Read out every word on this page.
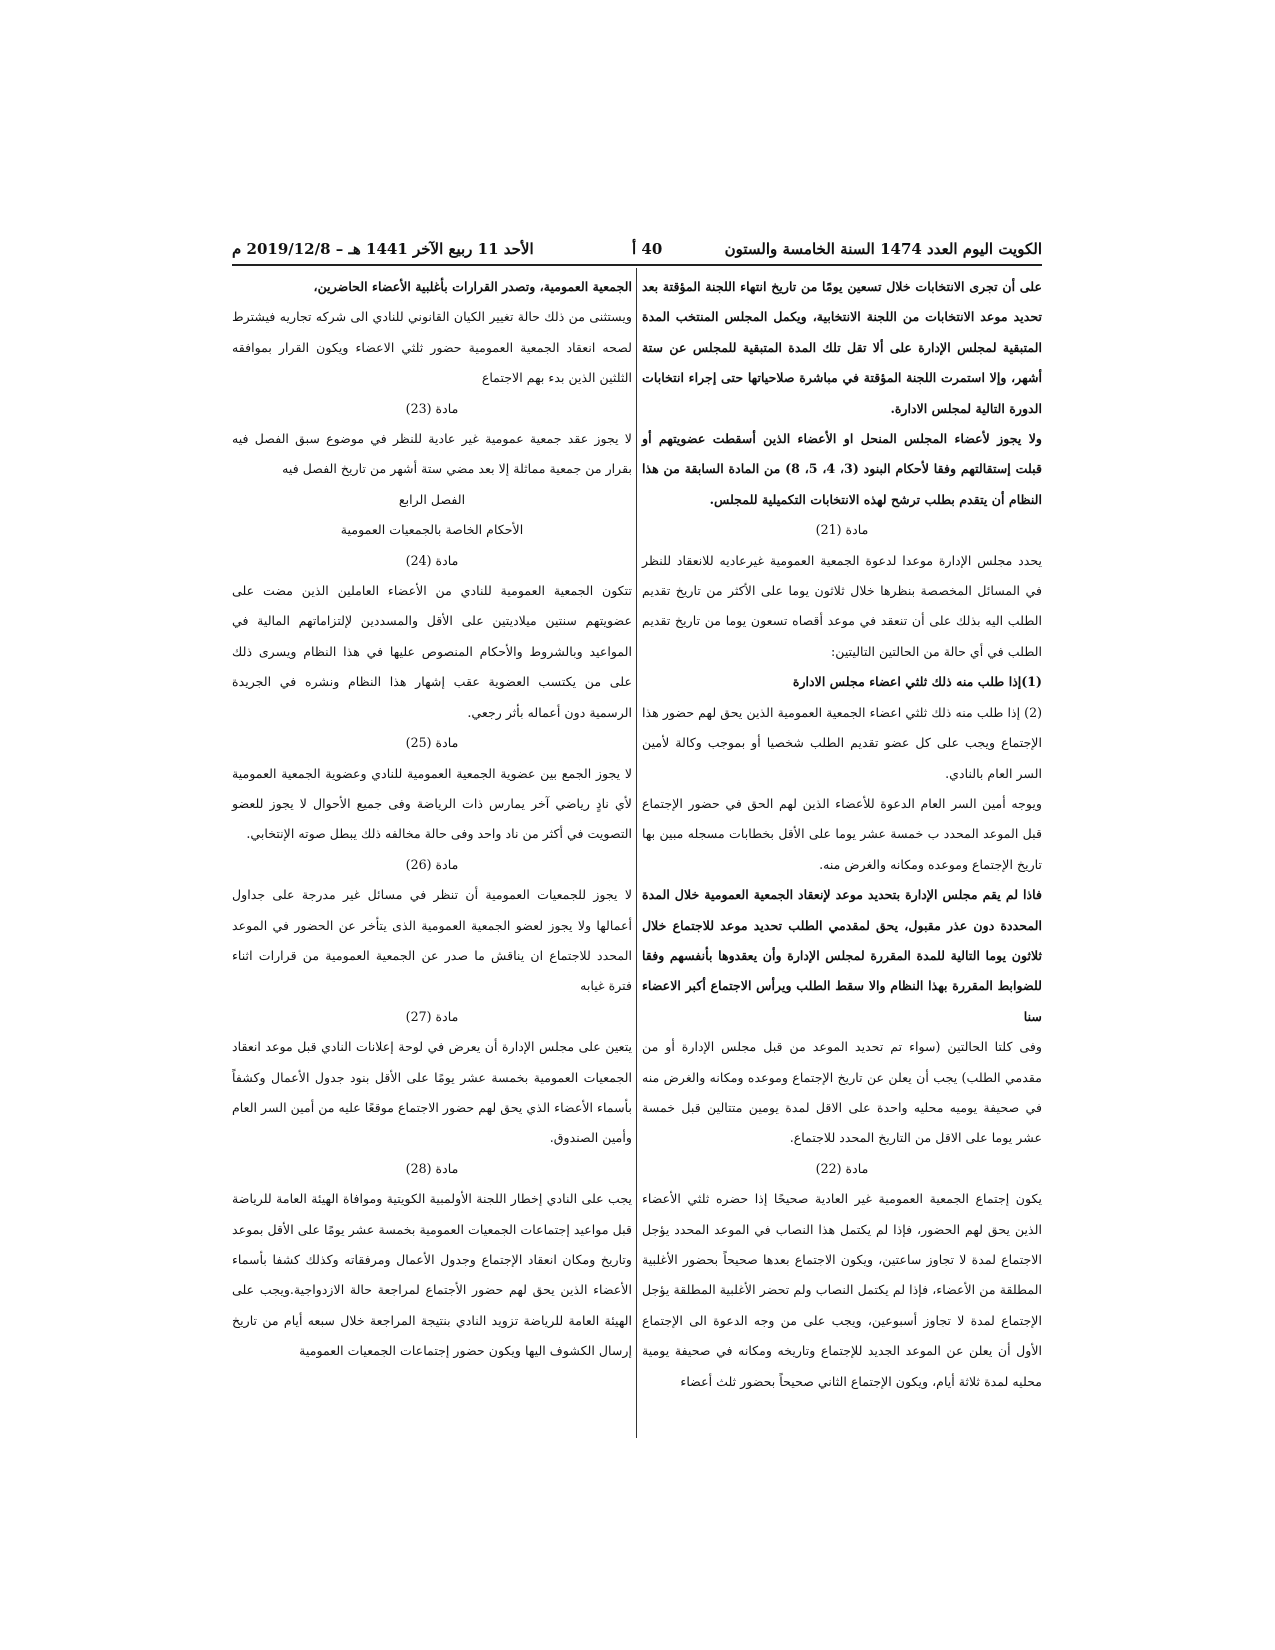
الكويت اليوم العدد 1474 السنة الخامسة والستون
40 أ
الأحد 11 ربيع الآخر 1441 هـ – 2019/12/8 م

على أن تجرى الانتخابات خلال تسعين يومًا من تاريخ انتهاء اللجنة المؤقتة بعد تحديد موعد الانتخابات من اللجنة الانتخابية، ويكمل المجلس المنتخب المدة المتبقية لمجلس الإدارة على ألا تقل تلك المدة المتبقية للمجلس عن ستة أشهر، وإلا استمرت اللجنة المؤقتة في مباشرة صلاحياتها حتى إجراء انتخابات الدورة التالية لمجلس الادارة.

ولا يجوز لأعضاء المجلس المنحل او الأعضاء الذين أسقطت عضويتهم أو قبلت إستقالتهم وفقا لأحكام البنود (3، 4، 5، 8) من المادة السابقة من هذا النظام أن يتقدم بطلب ترشح لهذه الانتخابات التكميلية للمجلس.

مادة (21)

يحدد مجلس الإدارة موعدا لدعوة الجمعية العمومية غيرعاديه للانعقاد للنظر في المسائل المخصصة بنظرها خلال ثلاثون يوما على الأكثر من تاريخ تقديم الطلب اليه بذلك على أن تنعقد في موعد أقصاه تسعون يوما من تاريخ تقديم الطلب في أي حالة من الحالتين التاليتين:

(1)إذا طلب منه ذلك ثلثي اعضاء مجلس الادارة

(2) إذا طلب منه ذلك ثلثي اعضاء الجمعية العمومية الذين يحق لهم حضور هذا الإجتماع ويجب على كل عضو تقديم الطلب شخصيا أو بموجب وكالة لأمين السر العام بالنادي.

ويوجه أمين السر العام الدعوة للأعضاء الذين لهم الحق في حضور الإجتماع قبل الموعد المحدد ب خمسة عشر يوما على الأقل بخطابات مسجله مبين بها تاريخ الإجتماع وموعده ومكانه والغرض منه.

فاذا لم يقم مجلس الإدارة بتحديد موعد لإنعقاد الجمعية العمومية خلال المدة المحددة دون عذر مقبول، يحق لمقدمي الطلب تحديد موعد للاجتماع خلال ثلاثون يوما التالية للمدة المقررة لمجلس الإدارة وأن يعقدوها بأنفسهم وفقا للضوابط المقررة بهذا النظام والا سقط الطلب ويرأس الاجتماع أكبر الاعضاء سنا

وفى كلتا الحالتين (سواء تم تحديد الموعد من قبل مجلس الإدارة أو من مقدمي الطلب) يجب أن يعلن عن تاريخ الإجتماع وموعده ومكانه والغرض منه في صحيفة يوميه محليه واحدة على الاقل لمدة يومين متتالين قبل خمسة عشر يوما على الاقل من التاريخ المحدد للاجتماع.

مادة (22)

يكون إجتماع الجمعية العمومية غير العادية صحيحًا إذا حضره ثلثي الأعضاء الذين يحق لهم الحضور، فإذا لم يكتمل هذا النصاب في الموعد المحدد يؤجل الاجتماع لمدة لا تجاوز ساعتين، ويكون الاجتماع بعدها صحيحاً بحضور الأغلبية المطلقة من الأعضاء، فإذا لم يكتمل النصاب ولم تحضر الأغلبية المطلقة يؤجل الإجتماع لمدة لا تجاوز أسبوعين، ويجب على من وجه الدعوة الى الإجتماع الأول أن يعلن عن الموعد الجديد للإجتماع وتاريخه ومكانه في صحيفة يومية محليه لمدة ثلاثة أيام، ويكون الإجتماع الثاني صحيحاً بحضور ثلث أعضاء

الجمعية العمومية، وتصدر القرارات بأغلبية الأعضاء الحاضرين،

ويستثنى من ذلك حالة تغيير الكيان القانوني للنادي الى شركه تجاريه فيشترط لصحه انعقاد الجمعية العمومية حضور ثلثي الاعضاء ويكون القرار بموافقه الثلثين الذين بدء بهم الاجتماع

مادة (23)

لا يجوز عقد جمعية عمومية غير عادية للنظر في موضوع سبق الفصل فيه بقرار من جمعية مماثلة إلا بعد مضي ستة أشهر من تاريخ الفصل فيه

الفصل الرابع

الأحكام الخاصة بالجمعيات العمومية

مادة (24)

تتكون الجمعية العمومية للنادي من الأعضاء العاملين الذين مضت على عضويتهم سنتين ميلاديتين على الأقل والمسددين لإلتزاماتهم المالية في المواعيد وبالشروط والأحكام المنصوص عليها في هذا النظام ويسرى ذلك على من يكتسب العضوية عقب إشهار هذا النظام ونشره في الجريدة الرسمية دون أعماله بأثر رجعي.

مادة (25)

لا يجوز الجمع بين عضوية الجمعية العمومية للنادي وعضوية الجمعية العمومية لأي نادٍ رياضي آخر يمارس ذات الرياضة وفى جميع الأحوال لا يجوز للعضو التصويت في أكثر من ناد واحد وفى حالة مخالفه ذلك يبطل صوته الإنتخابي.

مادة (26)

لا يجوز للجمعيات العمومية أن تنظر في مسائل غير مدرجة على جداول أعمالها ولا يجوز لعضو الجمعية العمومية الذى يتأخر عن الحضور في الموعد المحدد للاجتماع ان يناقش ما صدر عن الجمعية العمومية من قرارات اثناء فترة غيابه

مادة (27)

يتعين على مجلس الإدارة أن يعرض في لوحة إعلانات النادي قبل موعد انعقاد الجمعيات العمومية بخمسة عشر يومًا على الأقل بنود جدول الأعمال وكشفاً بأسماء الأعضاء الذي يحق لهم حضور الاجتماع موقعًا عليه من أمين السر العام وأمين الصندوق.

مادة (28)

يجب على النادي إخطار اللجنة الأولمبية الكويتية وموافاة الهيئة العامة للرياضة قبل مواعيد إجتماعات الجمعيات العمومية بخمسة عشر يومًا على الأقل بموعد وتاريخ ومكان انعقاد الإجتماع وجدول الأعمال ومرفقاته وكذلك كشفا بأسماء الأعضاء الذين يحق لهم حضور الأجتماع لمراجعة حالة الازدواجية.ويجب على الهيئة العامة للرياضة تزويد النادي بنتيجة المراجعة خلال سبعه أيام من تاريخ إرسال الكشوف اليها ويكون حضور إجتماعات الجمعيات العمومية
